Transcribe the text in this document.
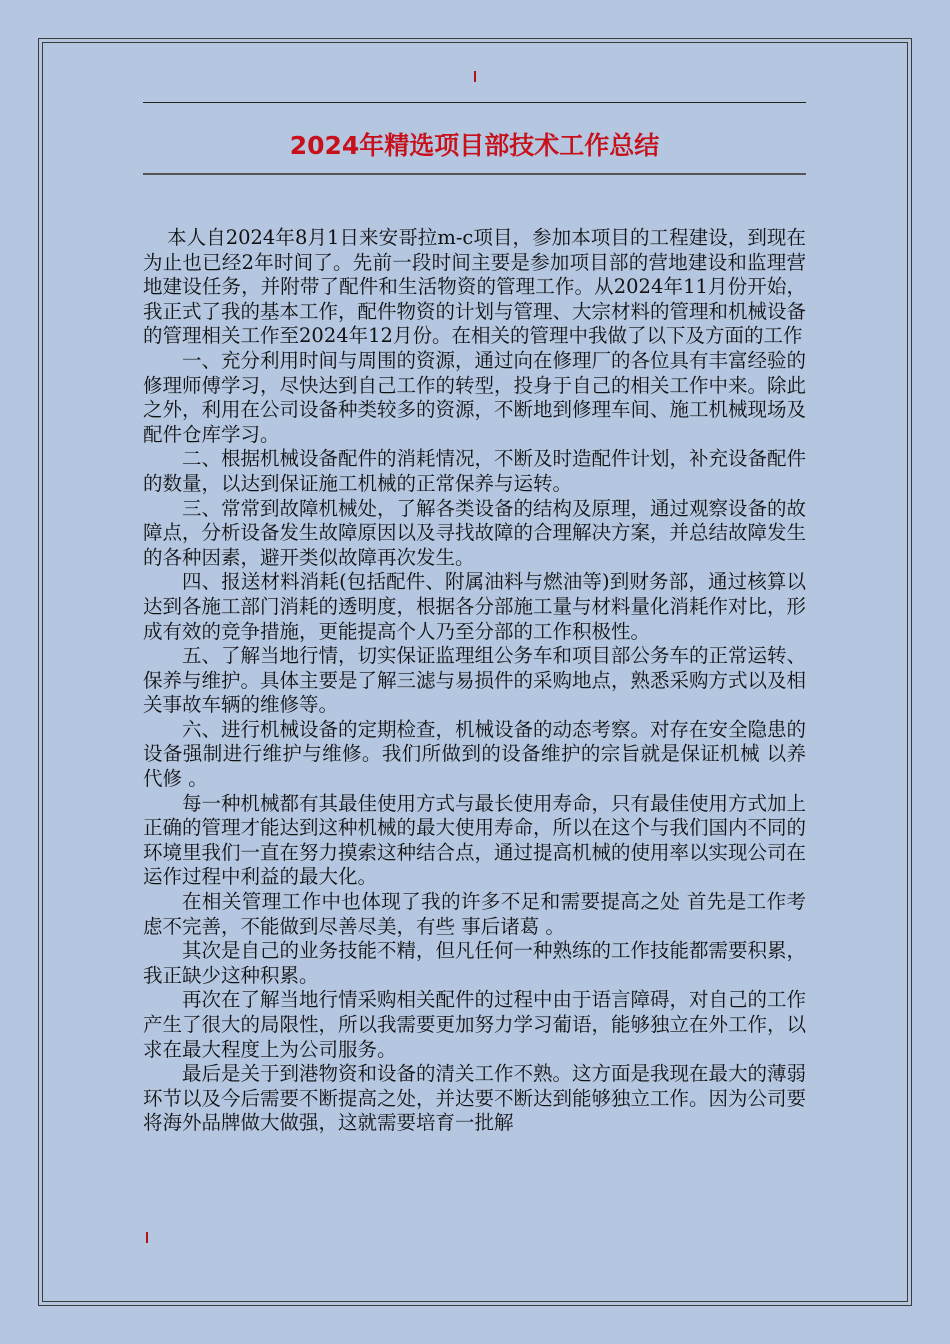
2024年精选项目部技术工作总结

本人自2024年8月1日来安哥拉m-c项目，参加本项目的工程建设，到现在为止也已经2年时间了。先前一段时间主要是参加项目部的营地建设和监理营地建设任务，并附带了配件和生活物资的管理工作。从2024年11月份开始，我正式了我的基本工作，配件物资的计划与管理、大宗材料的管理和机械设备的管理相关工作至2024年12月份。在相关的管理中我做了以下及方面的工作

一、充分利用时间与周围的资源，通过向在修理厂的各位具有丰富经验的修理师傅学习，尽快达到自己工作的转型，投身于自己的相关工作中来。除此之外，利用在公司设备种类较多的资源，不断地到修理车间、施工机械现场及配件仓库学习。

二、根据机械设备配件的消耗情况，不断及时造配件计划，补充设备配件的数量，以达到保证施工机械的正常保养与运转。

三、常常到故障机械处，了解各类设备的结构及原理，通过观察设备的故障点，分析设备发生故障原因以及寻找故障的合理解决方案，并总结故障发生的各种因素，避开类似故障再次发生。

四、报送材料消耗(包括配件、附属油料与燃油等)到财务部，通过核算以达到各施工部门消耗的透明度，根据各分部施工量与材料量化消耗作对比，形成有效的竞争措施，更能提高个人乃至分部的工作积极性。

五、了解当地行情，切实保证监理组公务车和项目部公务车的正常运转、保养与维护。具体主要是了解三滤与易损件的采购地点，熟悉采购方式以及相关事故车辆的维修等。

六、进行机械设备的定期检查，机械设备的动态考察。对存在安全隐患的设备强制进行维护与维修。我们所做到的设备维护的宗旨就是保证机械 以养代修 。

每一种机械都有其最佳使用方式与最长使用寿命，只有最佳使用方式加上正确的管理才能达到这种机械的最大使用寿命，所以在这个与我们国内不同的环境里我们一直在努力摸索这种结合点，通过提高机械的使用率以实现公司在运作过程中利益的最大化。

在相关管理工作中也体现了我的许多不足和需要提高之处 首先是工作考虑不完善，不能做到尽善尽美，有些 事后诸葛 。

其次是自己的业务技能不精，但凡任何一种熟练的工作技能都需要积累，我正缺少这种积累。

再次在了解当地行情采购相关配件的过程中由于语言障碍，对自己的工作产生了很大的局限性，所以我需要更加努力学习葡语，能够独立在外工作，以求在最大程度上为公司服务。

最后是关于到港物资和设备的清关工作不熟。这方面是我现在最大的薄弱环节以及今后需要不断提高之处，并达要不断达到能够独立工作。因为公司要将海外品牌做大做强，这就需要培育一批解
